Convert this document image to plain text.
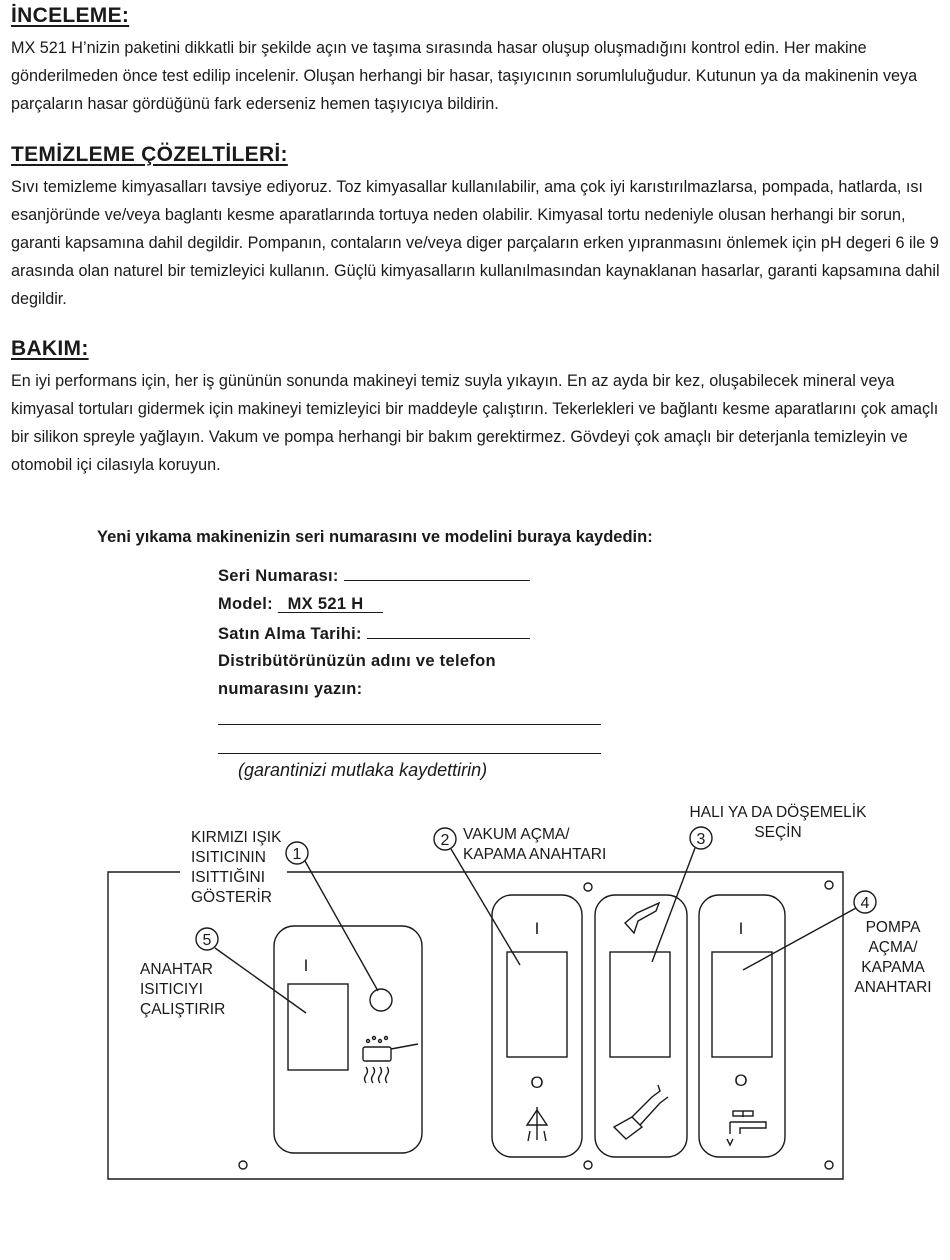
İNCELEME:

MX 521 H’nizin paketini dikkatli bir şekilde açın ve taşıma sırasında hasar oluşup oluşmadığını kontrol edin. Her makine gönderilmeden önce test edilip incelenir. Oluşan herhangi bir hasar, taşıyıcının sorumluluğudur. Kutunun ya da makinenin veya parçaların hasar gördüğünü fark ederseniz hemen taşıyıcıya bildirin.

TEMİZLEME ÇÖZELTİLERİ:

Sıvı temizleme kimyasalları tavsiye ediyoruz. Toz kimyasallar kullanılabilir, ama çok iyi karıstırılmazlarsa, pompada, hatlarda, ısı esanjöründe ve/veya baglantı kesme aparatlarında tortuya neden olabilir. Kimyasal tortu nedeniyle olusan herhangi bir sorun, garanti kapsamına dahil degildir. Pompanın, contaların ve/veya diger parçaların erken yıpranmasını önlemek için pH degeri 6 ile 9 arasında olan naturel bir temizleyici kullanın. Güçlü kimyasalların kullanılmasından kaynaklanan hasarlar, garanti kapsamına dahil degildir.

BAKIM:

En iyi performans için, her iş gününün sonunda makineyi temiz suyla yıkayın. En az ayda bir kez, oluşabilecek mineral veya kimyasal tortuları gidermek için makineyi temizleyici bir maddeyle çalıştırın. Tekerlekleri ve bağlantı kesme aparatlarını çok amaçlı bir silikon spreyle yağlayın. Vakum ve pompa herhangi bir bakım gerektirmez. Gövdeyi çok amaçlı bir deterjanla temizleyin ve otomobil içi cilasıyla koruyun.

Yeni yıkama makinenizin seri numarasını ve modelini buraya kaydedin:
Seri Numarası:
Model: MX 521 H
Satın Alma Tarihi:
Distribütörünüzün adını ve telefon
numarasını yazın:
(garantinizi mutlaka kaydettirin)
1
2	3
4
5
I
I
O
I
O
KIRMIZI IŞIK
ISITICININ
ISITTIĞINI
GÖSTERİR
VAKUM AÇMA/
KAPAMA ANAHTARI
HALI YA DA DÖŞEMELİK
SEÇİN
POMPA
AÇMA/
KAPAMA
ANAHTARI
ANAHTAR
ISITICIYI
ÇALIŞTIRIR
